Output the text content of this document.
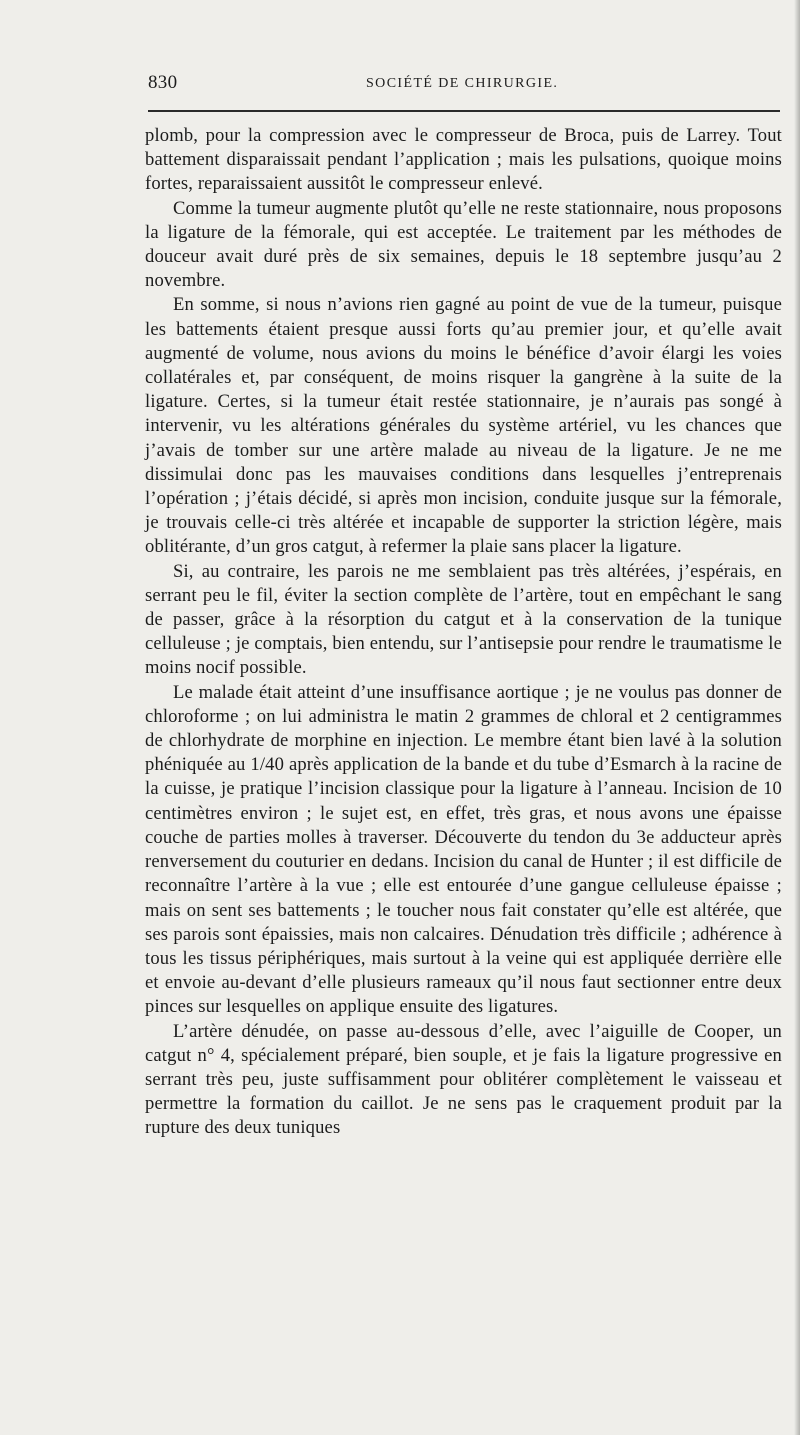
830	SOCIÉTÉ DE CHIRURGIE.

plomb, pour la compression avec le compresseur de Broca, puis de Larrey. Tout battement disparaissait pendant l’application ; mais les pulsations, quoique moins fortes, reparaissaient aussitôt le compresseur enlevé.

Comme la tumeur augmente plutôt qu’elle ne reste stationnaire, nous proposons la ligature de la fémorale, qui est acceptée. Le traitement par les méthodes de douceur avait duré près de six semaines, depuis le 18 septembre jusqu’au 2 novembre.

En somme, si nous n’avions rien gagné au point de vue de la tumeur, puisque les battements étaient presque aussi forts qu’au premier jour, et qu’elle avait augmenté de volume, nous avions du moins le bénéfice d’avoir élargi les voies collatérales et, par conséquent, de moins risquer la gangrène à la suite de la ligature. Certes, si la tumeur était restée stationnaire, je n’aurais pas songé à intervenir, vu les altérations générales du système artériel, vu les chances que j’avais de tomber sur une artère malade au niveau de la ligature. Je ne me dissimulai donc pas les mauvaises conditions dans lesquelles j’entreprenais l’opération ; j’étais décidé, si après mon incision, conduite jusque sur la fémorale, je trouvais celle-ci très altérée et incapable de supporter la striction légère, mais oblitérante, d’un gros catgut, à refermer la plaie sans placer la ligature.

Si, au contraire, les parois ne me semblaient pas très altérées, j’espérais, en serrant peu le fil, éviter la section complète de l’artère, tout en empêchant le sang de passer, grâce à la résorption du catgut et à la conservation de la tunique celluleuse ; je comptais, bien entendu, sur l’antisepsie pour rendre le traumatisme le moins nocif possible.

Le malade était atteint d’une insuffisance aortique ; je ne voulus pas donner de chloroforme ; on lui administra le matin 2 grammes de chloral et 2 centigrammes de chlorhydrate de morphine en injection. Le membre étant bien lavé à la solution phéniquée au 1/40 après application de la bande et du tube d’Esmarch à la racine de la cuisse, je pratique l’incision classique pour la ligature à l’anneau. Incision de 10 centimètres environ ; le sujet est, en effet, très gras, et nous avons une épaisse couche de parties molles à traverser. Découverte du tendon du 3e adducteur après renversement du couturier en dedans. Incision du canal de Hunter ; il est difficile de reconnaître l’artère à la vue ; elle est entourée d’une gangue celluleuse épaisse ; mais on sent ses battements ; le toucher nous fait constater qu’elle est altérée, que ses parois sont épaissies, mais non calcaires. Dénudation très difficile ; adhérence à tous les tissus périphériques, mais surtout à la veine qui est appliquée derrière elle et envoie au-devant d’elle plusieurs rameaux qu’il nous faut sectionner entre deux pinces sur lesquelles on applique ensuite des ligatures.

L’artère dénudée, on passe au-dessous d’elle, avec l’aiguille de Cooper, un catgut n° 4, spécialement préparé, bien souple, et je fais la ligature progressive en serrant très peu, juste suffisamment pour oblitérer complètement le vaisseau et permettre la formation du caillot. Je ne sens pas le craquement produit par la rupture des deux tuniques
